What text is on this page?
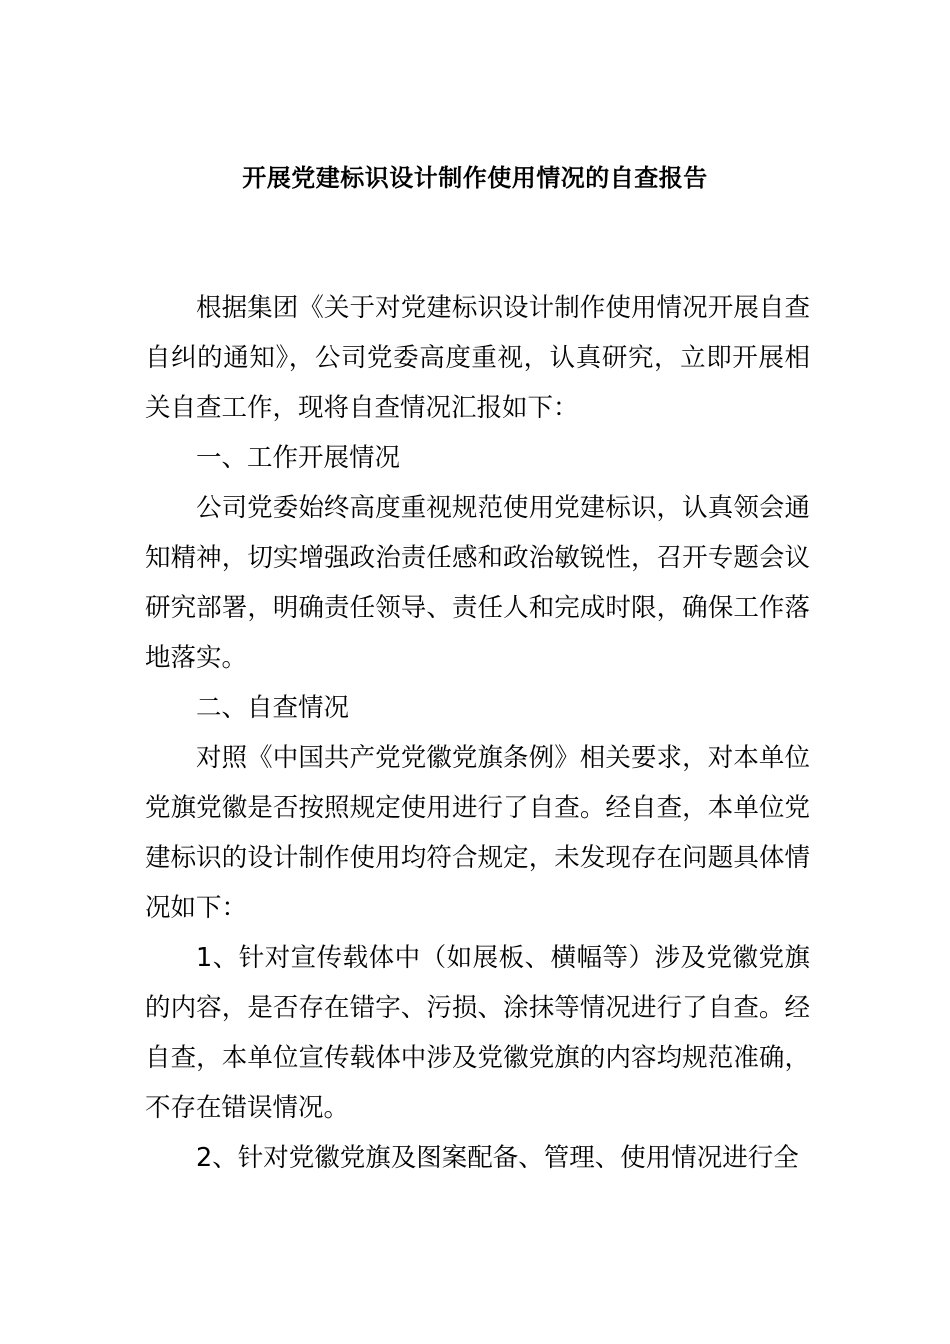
开展党建标识设计制作使用情况的自查报告

根据集团《关于对党建标识设计制作使用情况开展自查自纠的通知》，公司党委高度重视，认真研究，立即开展相关自查工作，现将自查情况汇报如下：

一、工作开展情况

公司党委始终高度重视规范使用党建标识，认真领会通知精神，切实增强政治责任感和政治敏锐性，召开专题会议研究部署，明确责任领导、责任人和完成时限，确保工作落地落实。

二、自查情况

对照《中国共产党党徽党旗条例》相关要求，对本单位党旗党徽是否按照规定使用进行了自查。经自查，本单位党建标识的设计制作使用均符合规定，未发现存在问题具体情况如下：

1、针对宣传载体中（如展板、横幅等）涉及党徽党旗的内容，是否存在错字、污损、涂抹等情况进行了自查。经自查，本单位宣传载体中涉及党徽党旗的内容均规范准确，不存在错误情况。

2、针对党徽党旗及图案配备、管理、使用情况进行全
